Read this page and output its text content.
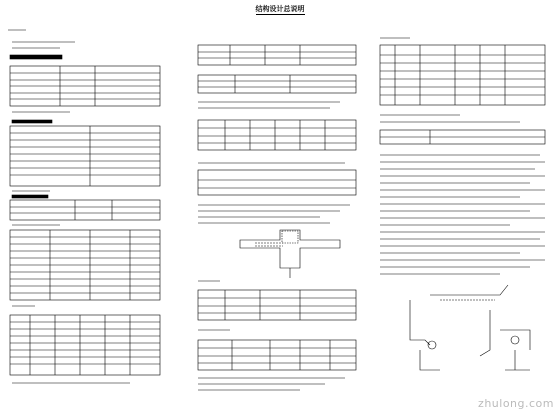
结构设计总说明
zhulong.com
